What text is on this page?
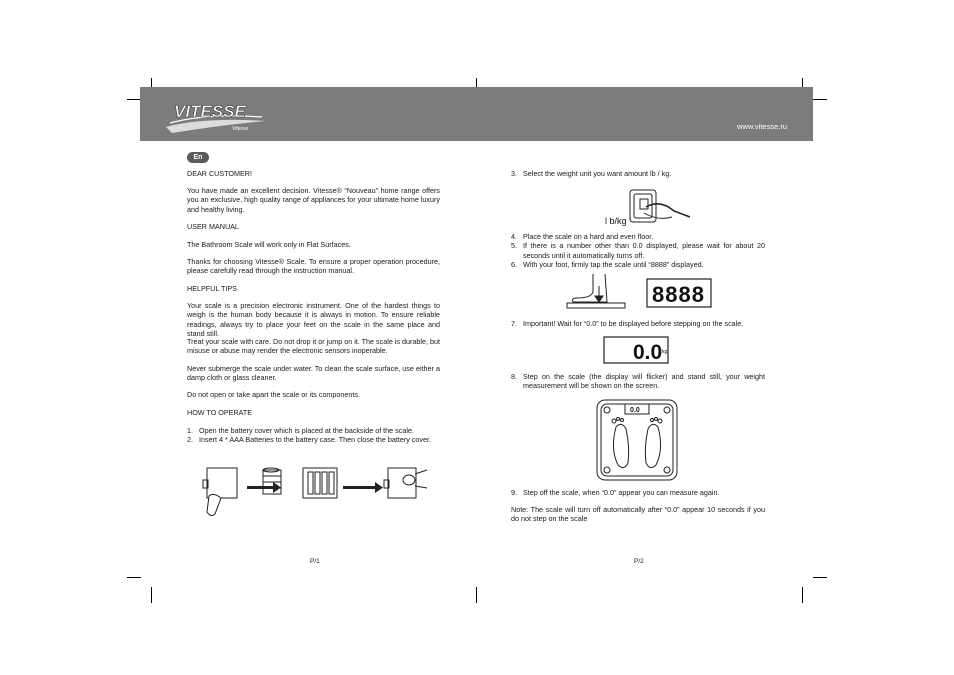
VITESSE
Vitesse	www.vitesse.ru
En
DEAR CUSTOMER!
You have made an excellent decision. Vitesse® “Nouveau” home range offers you an exclusive, high quality range of appliances for your ultimate home luxury and healthy living.
USER MANUAL
The Bathroom Scale will work only in Flat Surfaces.
Thanks for choosing Vitesse® Scale. To ensure a proper operation procedure, please carefully read through the instruction manual.
HELPFUL TIPS
Your scale is a precision electronic instrument. One of the hardest things to weigh is the human body because it is always in motion. To ensure reliable readings, always try to place your feet on the scale in the same place and stand still.
Treat your scale with care. Do not drop it or jump on it. The scale is durable, but misuse or abuse may render the electronic sensors inoperable.
Never submerge the scale under water. To clean the scale surface, use either a damp cloth or glass cleaner.
Do not open or take apart the scale or its components.
HOW TO OPERATE
1. Open the battery cover which is placed at the backside of the scale.
2. Insert 4 * AAA Batteries to the battery case. Then close the battery cover.
P/1
3. Select the weight unit you want amount lb / kg.
l b/kg
4. Place the scale on a hard and even floor.
5. If there is a number other than 0.0 displayed, please wait for about 20 seconds until it automatically turns off.
6. With your foot, firmly tap the scale until “8888” displayed.
8888
7. Important! Wait for “0.0” to be displayed before stepping on the scale.
0.0 kg
8. Step on the scale (the display will flicker) and stand still, your weight measurement will be shown on the screen.
0.0
9. Step off the scale, when “0.0” appear you can measure again.
Note: The scale will turn off automatically after “0.0” appear 10 seconds if you do not step on the scale
P/2
